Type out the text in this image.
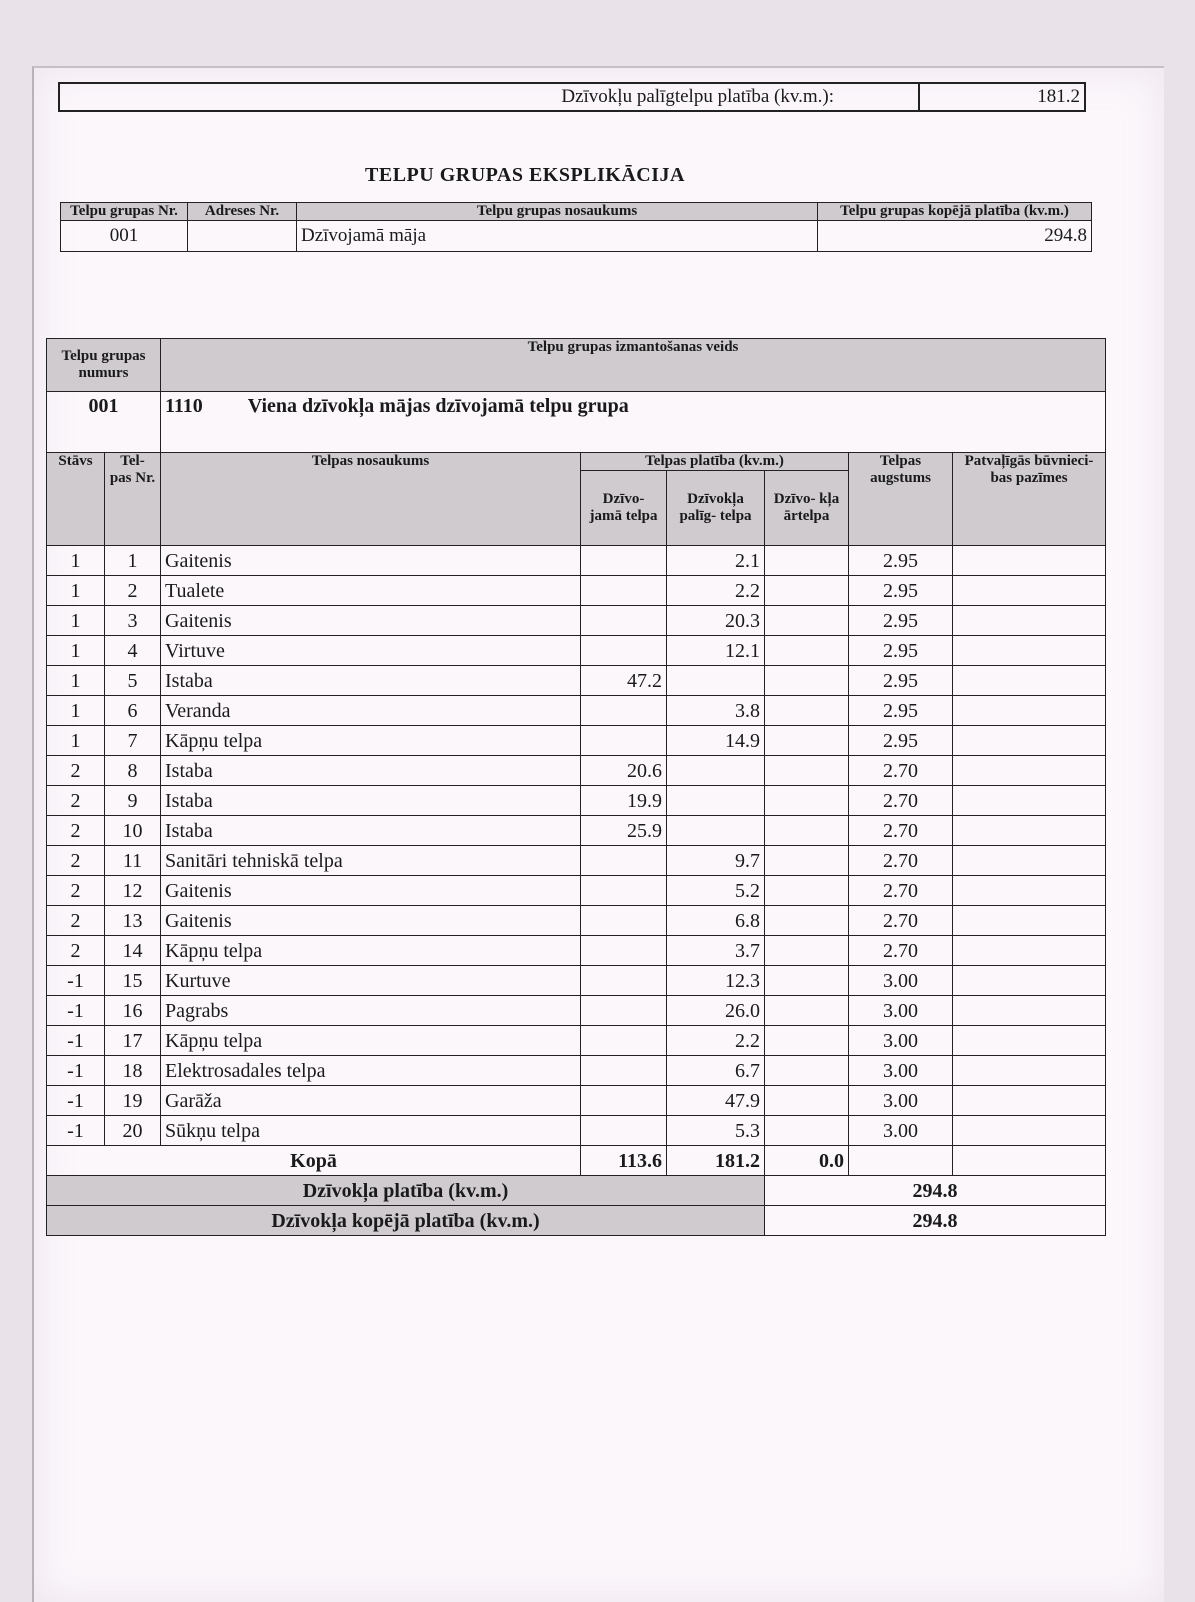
Dzīvokļu palīgtelpu platība (kv.m.):	181.2
TELPU GRUPAS EKSPLIKĀCIJA
Telpu grupas Nr.	Adreses Nr.	Telpu grupas nosaukums	Telpu grupas kopējā platība (kv.m.)
001		Dzīvojamā māja	294.8
Telpu grupas numurs		Telpu grupas izmantošanas veids					
001		1110 Viena dzīvokļa mājas dzīvojamā telpu grupa					
Stāvs	Tel- pas Nr.	Telpas nosaukums	Telpas platība (kv.m.)			Telpas augstums	Patvaļīgās būvnieci- bas pazīmes
			Dzīvo- jamā telpa	Dzīvokļa palīg- telpa	Dzīvo- kļa ārtelpa		
1	1	Gaitenis		2.1		2.95	
1	2	Tualete		2.2		2.95	
1	3	Gaitenis		20.3		2.95	
1	4	Virtuve		12.1		2.95	
1	5	Istaba	47.2			2.95	
1	6	Veranda		3.8		2.95	
1	7	Kāpņu telpa		14.9		2.95	
2	8	Istaba	20.6			2.70	
2	9	Istaba	19.9			2.70	
2	10	Istaba	25.9			2.70	
2	11	Sanitāri tehniskā telpa		9.7		2.70	
2	12	Gaitenis		5.2		2.70	
2	13	Gaitenis		6.8		2.70	
2	14	Kāpņu telpa		3.7		2.70	
-1	15	Kurtuve		12.3		3.00	
-1	16	Pagrabs		26.0		3.00	
-1	17	Kāpņu telpa		2.2		3.00	
-1	18	Elektrosadales telpa		6.7		3.00	
-1	19	Garāža		47.9		3.00	
-1	20	Sūkņu telpa		5.3		3.00	
Kopā			113.6	181.2	0.0		
Dzīvokļa platība (kv.m.)					294.8		
Dzīvokļa kopējā platība (kv.m.)					294.8		
